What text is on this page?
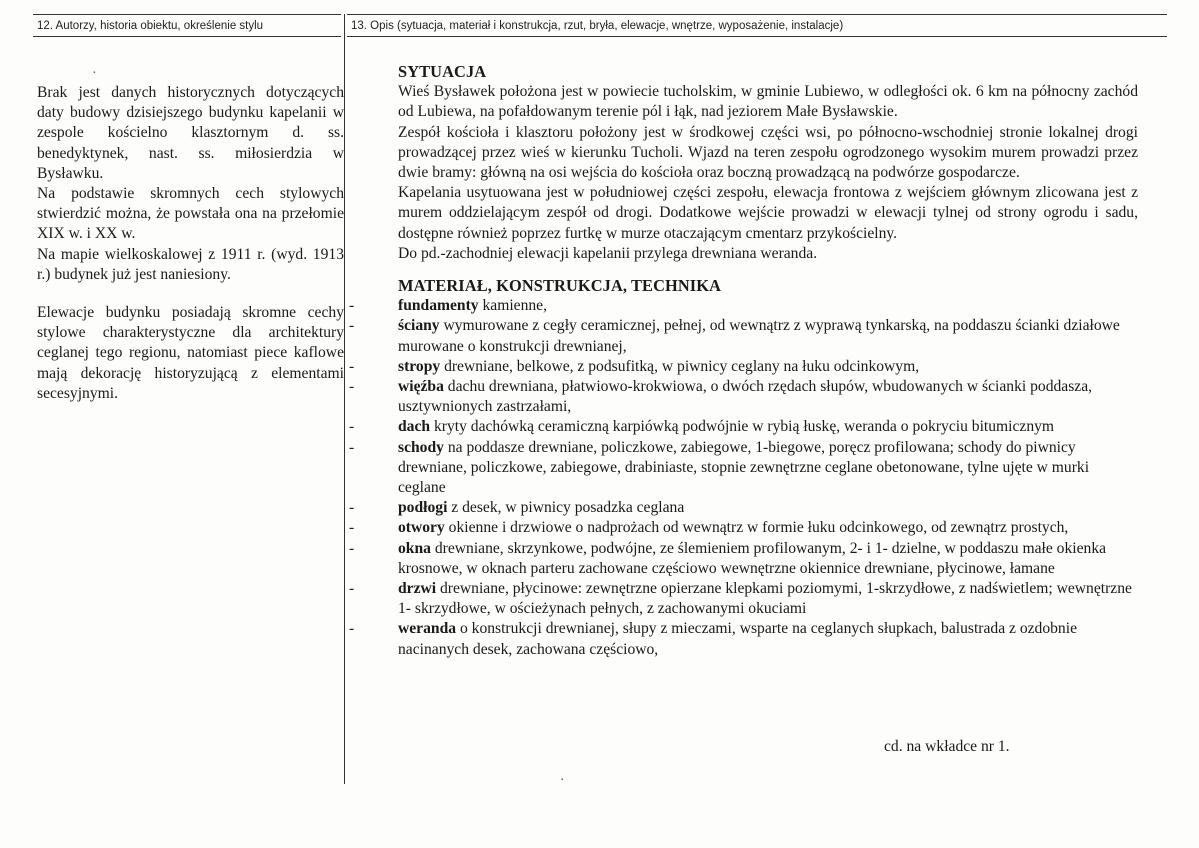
12. Autorzy, historia obiektu, określenie stylu	13. Opis (sytuacja, materiał i konstrukcja, rzut, bryła, elewacje, wnętrze, wyposażenie, instalacje)
·

Brak jest danych historycznych dotyczących daty budowy dzisiejszego budynku kapelanii w zespole kościelno klasztornym d. ss. benedyktynek, nast. ss. miłosierdzia w Bysławku.

Na podstawie skromnych cech stylowych stwierdzić można, że powstała ona na przełomie XIX w. i XX w.

Na mapie wielkoskalowej z 1911 r. (wyd. 1913 r.) budynek już jest naniesiony.

Elewacje budynku posiadają skromne cechy stylowe charakterystyczne dla architektury ceglanej tego regionu, natomiast piece kaflowe mają dekorację historyzującą z elementami secesyjnymi.

SYTUACJA

Wieś Bysławek położona jest w powiecie tucholskim, w gminie Lubiewo, w odległości ok. 6 km na północny zachód od Lubiewa, na pofałdowanym terenie pól i łąk, nad jeziorem Małe Bysławskie.

Zespół kościoła i klasztoru położony jest w środkowej części wsi, po północno-wschodniej stronie lokalnej drogi prowadzącej przez wieś w kierunku Tucholi. Wjazd na teren zespołu ogrodzonego wysokim murem prowadzi przez dwie bramy: główną na osi wejścia do kościoła oraz boczną prowadzącą na podwórze gospodarcze.

Kapelania usytuowana jest w południowej części zespołu, elewacja frontowa z wejściem głównym zlicowana jest z murem oddzielającym zespół od drogi. Dodatkowe wejście prowadzi w elewacji tylnej od strony ogrodu i sadu, dostępne również poprzez furtkę w murze otaczającym cmentarz przykościelny.

Do pd.-zachodniej elewacji kapelanii przylega drewniana weranda.

MATERIAŁ, KONSTRUKCJA, TECHNIKA

-	fundamenty kamienne,

-	ściany wymurowane z cegły ceramicznej, pełnej, od wewnątrz z wyprawą tynkarską, na poddaszu ścianki działowe murowane o konstrukcji drewnianej,

-	stropy drewniane, belkowe, z podsufitką, w piwnicy ceglany na łuku odcinkowym,

-	więźba dachu drewniana, płatwiowo-krokwiowa, o dwóch rzędach słupów, wbudowanych w ścianki poddasza, usztywnionych zastrzałami,

-	dach kryty dachówką ceramiczną karpiówką podwójnie w rybią łuskę, weranda o pokryciu bitumicznym

-	schody na poddasze drewniane, policzkowe, zabiegowe, 1-biegowe, poręcz profilowana; schody do piwnicy drewniane, policzkowe, zabiegowe, drabiniaste, stopnie zewnętrzne ceglane obetonowane, tylne ujęte w murki ceglane

-	podłogi z desek, w piwnicy posadzka ceglana

-	otwory okienne i drzwiowe o nadprożach od wewnątrz w formie łuku odcinkowego, od zewnątrz prostych,

-	okna drewniane, skrzynkowe, podwójne, ze ślemieniem profilowanym, 2- i 1- dzielne, w poddaszu małe okienka krosnowe, w oknach parteru zachowane częściowo wewnętrzne okiennice drewniane, płycinowe, łamane

-	drzwi drewniane, płycinowe: zewnętrzne opierzane klepkami poziomymi, 1-skrzydłowe, z nadświetlem; wewnętrzne 1- skrzydłowe, w ościeżynach pełnych, z zachowanymi okuciami

-	weranda o konstrukcji drewnianej, słupy z mieczami, wsparte na ceglanych słupkach, balustrada z ozdobnie nacinanych desek, zachowana częściowo,

cd. na wkładce nr 1.
⋅
